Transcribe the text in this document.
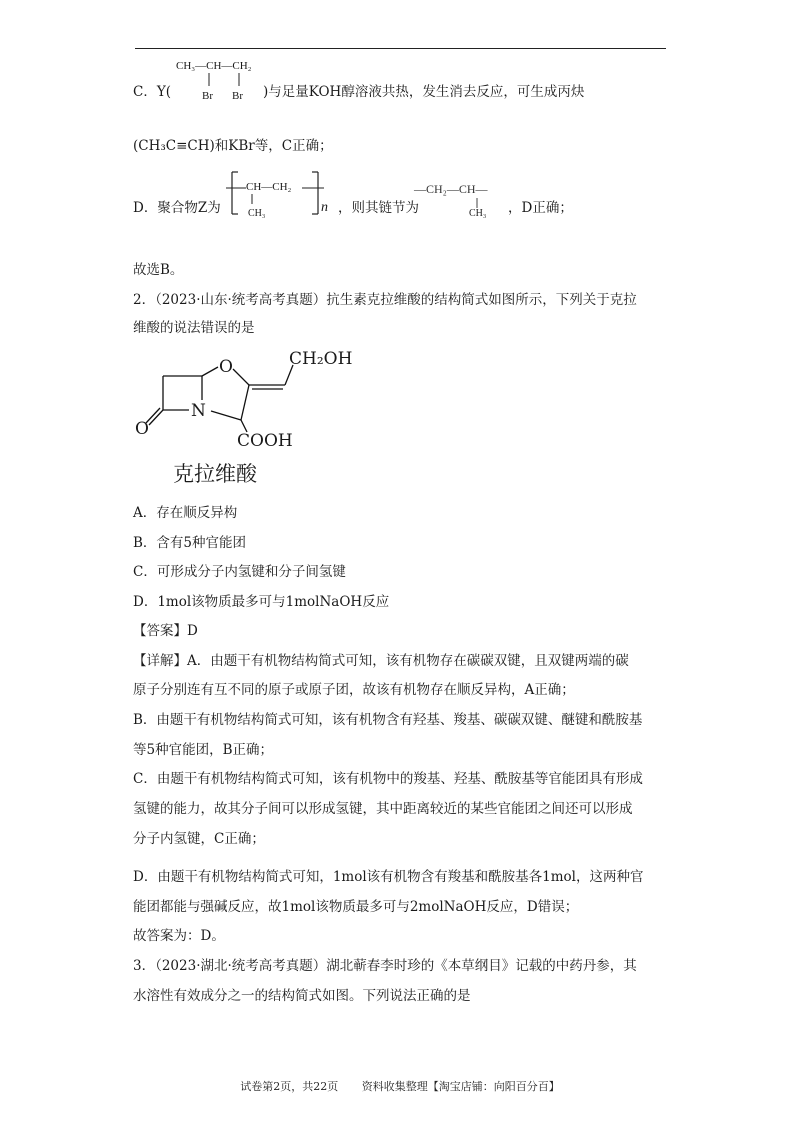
CH₃—CH—CH₂
Br Br
C．Y(	)与足量KOH醇溶液共热，发生消去反应，可生成丙炔
(CH₃C≡CH)和KBr等，C正确；
D．聚合物Z为
CH—CH₂
CH₃	n ，则其链节为
—CH₂—CH—
CH₃ ，D正确；
故选B。
2．（2023·山东·统考高考真题）抗生素克拉维酸的结构简式如图所示，下列关于克拉
维酸的说法错误的是
O
N
O
CH₂OH
COOH
克拉维酸
A．存在顺反异构
B．含有5种官能团
C．可形成分子内氢键和分子间氢键
D．1mol该物质最多可与1molNaOH反应
【答案】D
【详解】A．由题干有机物结构简式可知，该有机物存在碳碳双键，且双键两端的碳
原子分别连有互不同的原子或原子团，故该有机物存在顺反异构，A正确；
B．由题干有机物结构简式可知，该有机物含有羟基、羧基、碳碳双键、醚键和酰胺基
等5种官能团，B正确；
C．由题干有机物结构简式可知，该有机物中的羧基、羟基、酰胺基等官能团具有形成
氢键的能力，故其分子间可以形成氢键，其中距离较近的某些官能团之间还可以形成
分子内氢键，C正确；
D．由题干有机物结构简式可知，1mol该有机物含有羧基和酰胺基各1mol，这两种官
能团都能与强碱反应，故1mol该物质最多可与2molNaOH反应，D错误；
故答案为：D。
3．（2023·湖北·统考高考真题）湖北蕲春李时珍的《本草纲目》记载的中药丹参，其
水溶性有效成分之一的结构简式如图。下列说法正确的是
试卷第2页，共22页 资料收集整理【淘宝店铺：向阳百分百】
